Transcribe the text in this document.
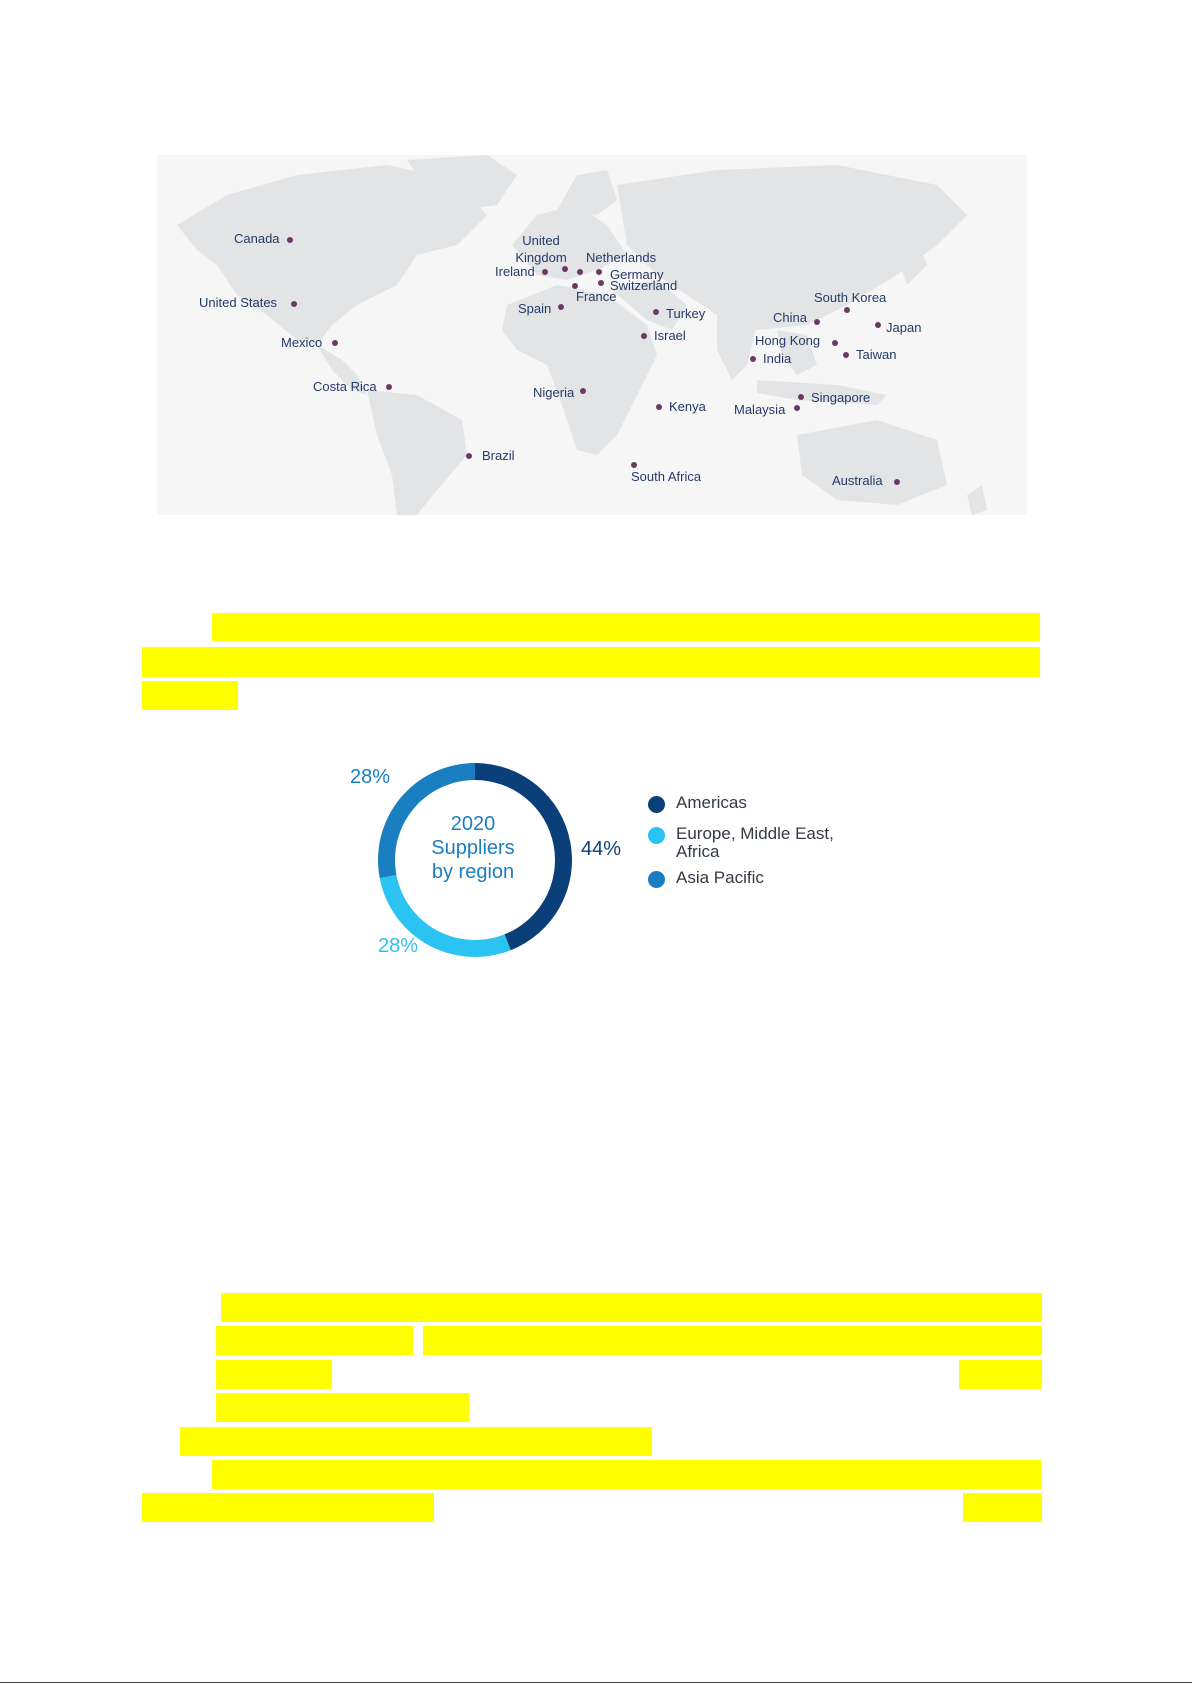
Canada
United States
Mexico
Costa Rica
Brazil
United Kingdom
Ireland
Netherlands
Germany
Switzerland
France
Spain	Turkey
Israel
Nigeria
Kenya
South Africa
South Korea
Japan
China
Hong Kong
India	Taiwan
Singapore
Malaysia
Australia
2020
Suppliers
by region
44%
28%
28%
Americas
Europe, Middle East, Africa
Asia Pacific
